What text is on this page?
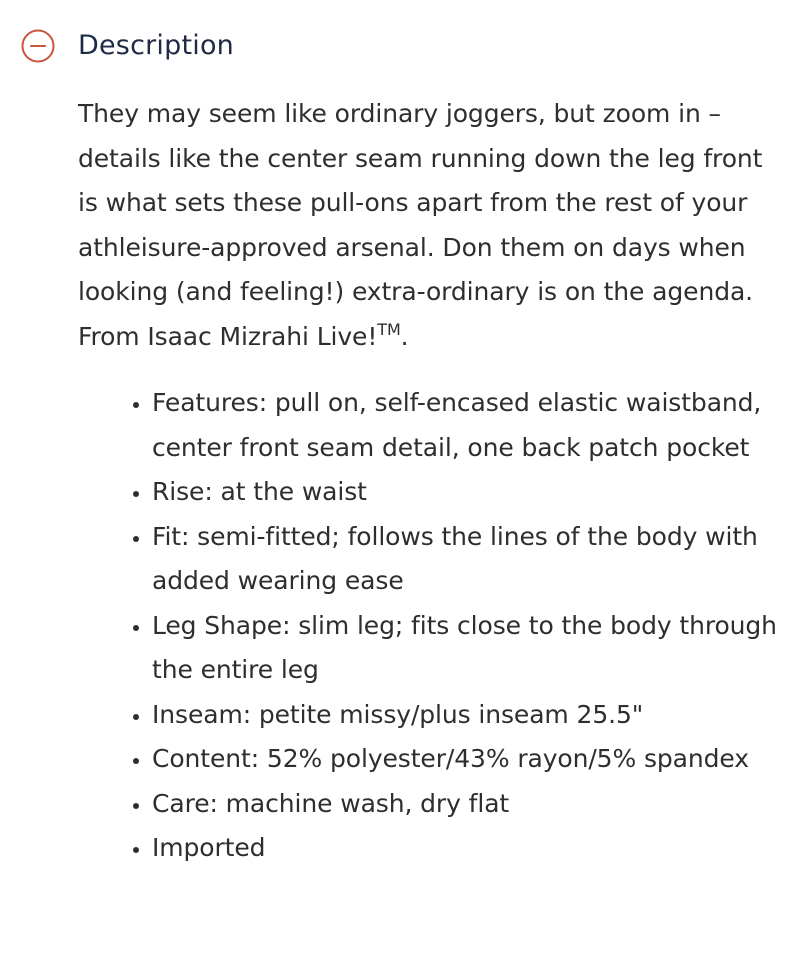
Description

They may seem like ordinary joggers, but zoom in – details like the center seam running down the leg front is what sets these pull-ons apart from the rest of your athleisure-approved arsenal. Don them on days when looking (and feeling!) extra-ordinary is on the agenda. From Isaac Mizrahi Live!™.

• Features: pull on, self-encased elastic waistband, center front seam detail, one back patch pocket
• Rise: at the waist
• Fit: semi-fitted; follows the lines of the body with added wearing ease
• Leg Shape: slim leg; fits close to the body through the entire leg
• Inseam: petite missy/plus inseam 25.5"
• Content: 52% polyester/43% rayon/5% spandex
• Care: machine wash, dry flat
• Imported
